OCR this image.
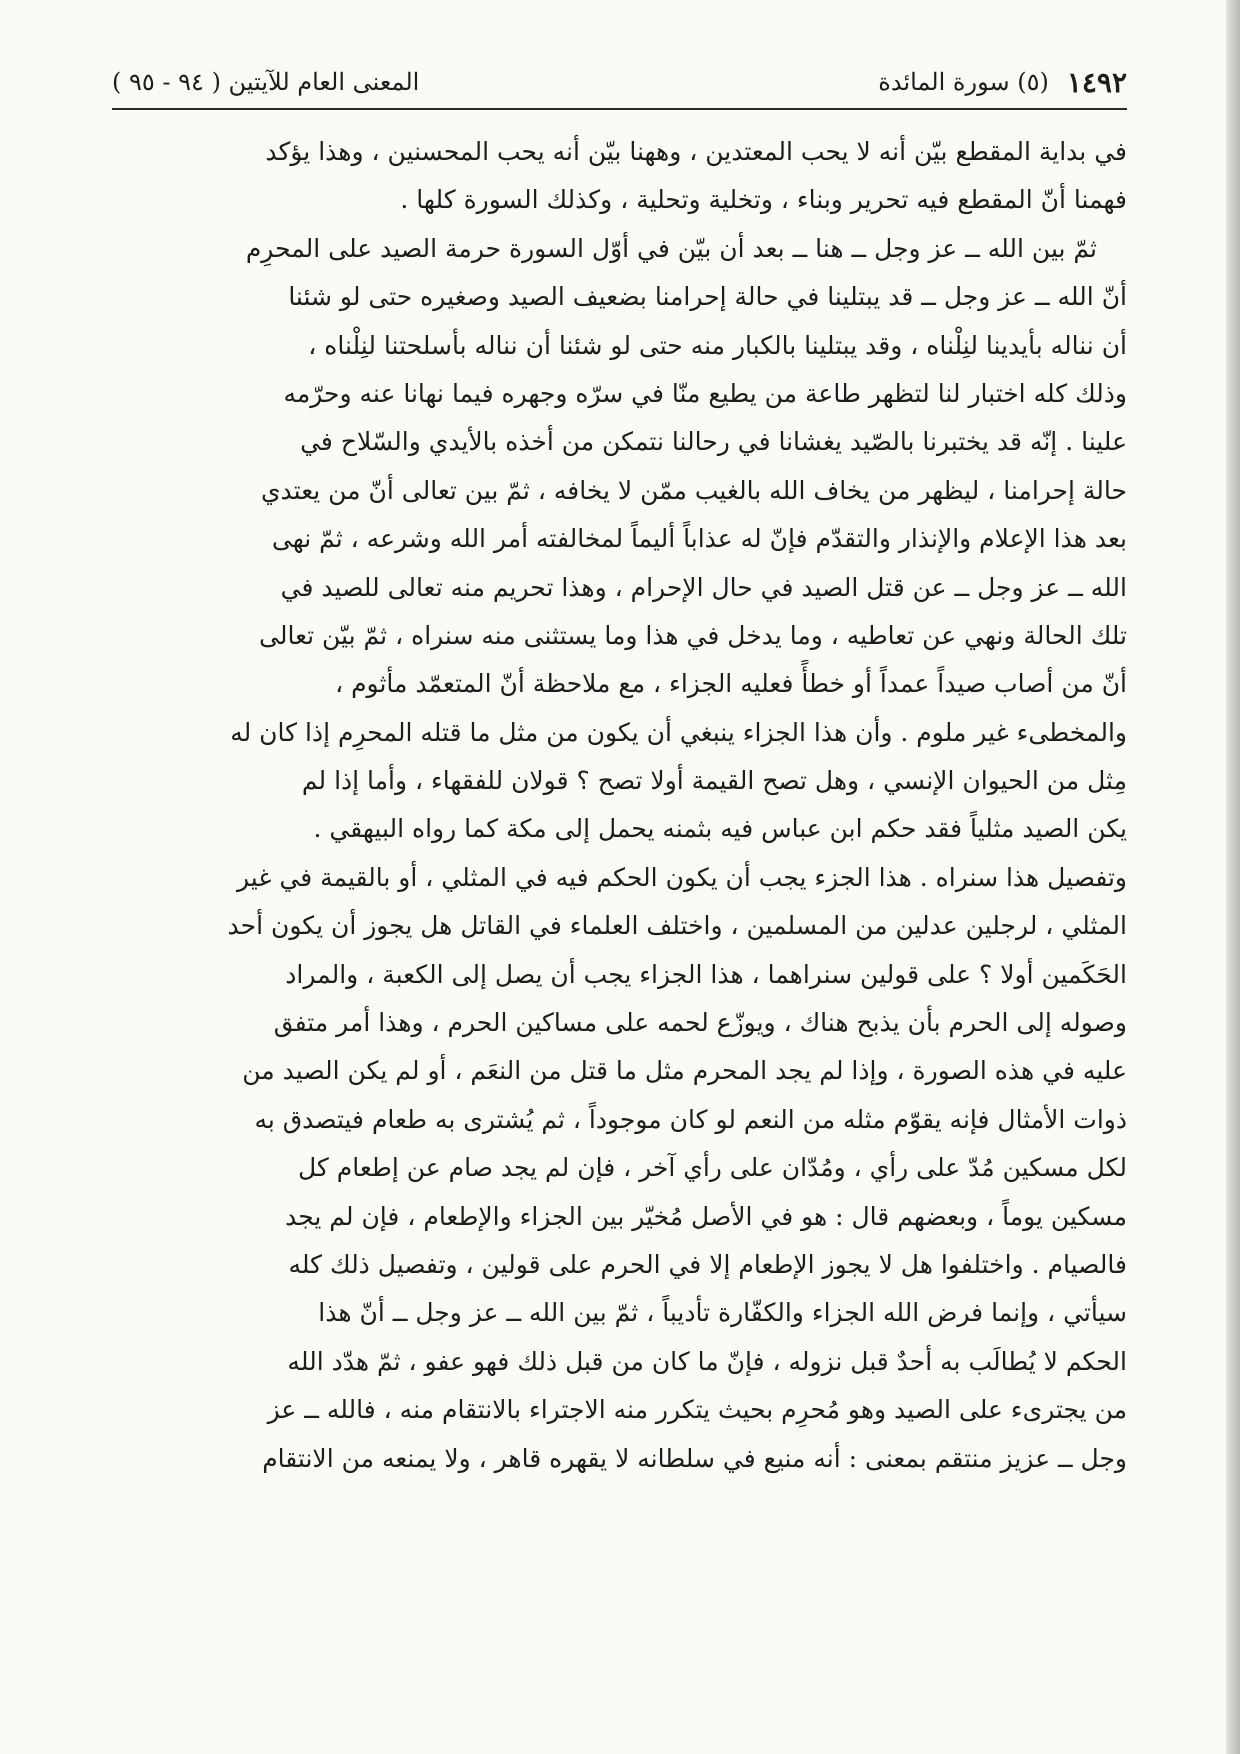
١٤٩٢
(٥) سورة المائدة
المعنى العام للآيتين ( ٩٤ - ٩٥ )
في بداية المقطع بيّن أنه لا يحب المعتدين ، وههنا بيّن أنه يحب المحسنين ، وهذا يؤكد
فهمنا أنّ المقطع فيه تحرير وبناء ، وتخلية وتحلية ، وكذلك السورة كلها .
ثمّ بين الله ــ عز وجل ــ هنا ــ بعد أن بيّن في أوّل السورة حرمة الصيد على المحرِم
أنّ الله ــ عز وجل ــ قد يبتلينا في حالة إحرامنا بضعيف الصيد وصغيره حتى لو شئنا
أن نناله بأيدينا لنِلْناه ، وقد يبتلينا بالكبار منه حتى لو شئنا أن نناله بأسلحتنا لنِلْناه ،
وذلك كله اختبار لنا لتظهر طاعة من يطيع منّا في سرّه وجهره فيما نهانا عنه وحرّمه
علينا . إنّه قد يختبرنا بالصّيد يغشانا في رحالنا نتمكن من أخذه بالأيدي والسّلاح في
حالة إحرامنا ، ليظهر من يخاف الله بالغيب ممّن لا يخافه ، ثمّ بين تعالى أنّ من يعتدي
بعد هذا الإعلام والإنذار والتقدّم فإنّ له عذاباً أليماً لمخالفته أمر الله وشرعه ، ثمّ نهى
الله ــ عز وجل ــ عن قتل الصيد في حال الإحرام ، وهذا تحريم منه تعالى للصيد في
تلك الحالة ونهي عن تعاطيه ، وما يدخل في هذا وما يستثنى منه سنراه ، ثمّ بيّن تعالى
أنّ من أصاب صيداً عمداً أو خطأً فعليه الجزاء ، مع ملاحظة أنّ المتعمّد مأثوم ،
والمخطىء غير ملوم . وأن هذا الجزاء ينبغي أن يكون من مثل ما قتله المحرِم إذا كان له
مِثل من الحيوان الإنسي ، وهل تصح القيمة أولا تصح ؟ قولان للفقهاء ، وأما إذا لم
يكن الصيد مثلياً فقد حكم ابن عباس فيه بثمنه يحمل إلى مكة كما رواه البيهقي .
وتفصيل هذا سنراه . هذا الجزء يجب أن يكون الحكم فيه في المثلي ، أو بالقيمة في غير
المثلي ، لرجلين عدلين من المسلمين ، واختلف العلماء في القاتل هل يجوز أن يكون أحد
الحَكَمين أولا ؟ على قولين سنراهما ، هذا الجزاء يجب أن يصل إلى الكعبة ، والمراد
وصوله إلى الحرم بأن يذبح هناك ، ويوزّع لحمه على مساكين الحرم ، وهذا أمر متفق
عليه في هذه الصورة ، وإذا لم يجد المحرم مثل ما قتل من النعَم ، أو لم يكن الصيد من
ذوات الأمثال فإنه يقوّم مثله من النعم لو كان موجوداً ، ثم يُشترى به طعام فيتصدق به
لكل مسكين مُدّ على رأي ، ومُدّان على رأي آخر ، فإن لم يجد صام عن إطعام كل
مسكين يوماً ، وبعضهم قال : هو في الأصل مُخيّر بين الجزاء والإطعام ، فإن لم يجد
فالصيام . واختلفوا هل لا يجوز الإطعام إلا في الحرم على قولين ، وتفصيل ذلك كله
سيأتي ، وإنما فرض الله الجزاء والكفّارة تأديباً ، ثمّ بين الله ــ عز وجل ــ أنّ هذا
الحكم لا يُطالَب به أحدٌ قبل نزوله ، فإنّ ما كان من قبل ذلك فهو عفو ، ثمّ هدّد الله
من يجترىء على الصيد وهو مُحرِم بحيث يتكرر منه الاجتراء بالانتقام منه ، فالله ــ عز
وجل ــ عزيز منتقم بمعنى : أنه منيع في سلطانه لا يقهره قاهر ، ولا يمنعه من الانتقام
